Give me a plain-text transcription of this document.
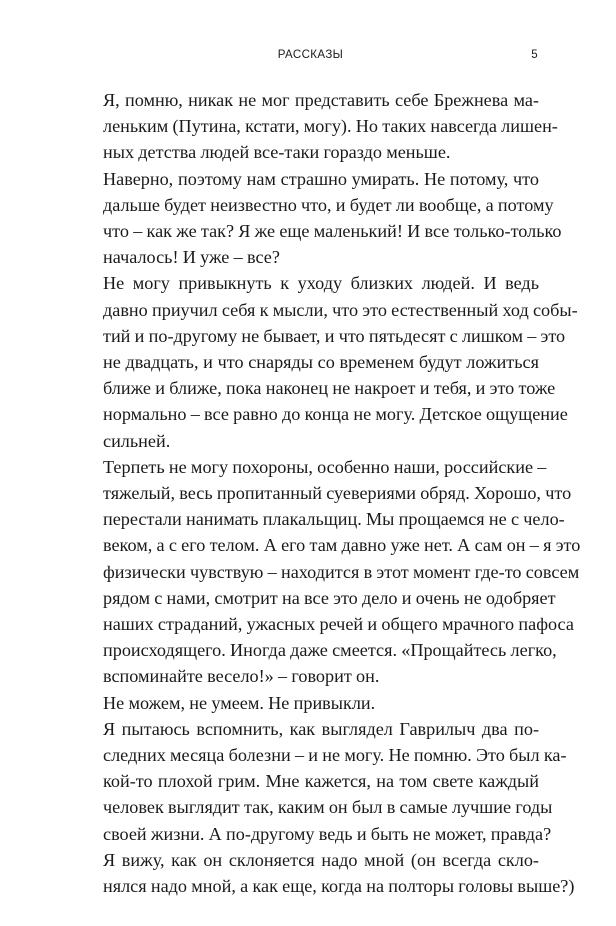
РАССКАЗЫ	5

Я, помню, никак не мог представить себе Брежнева ма-
леньким (Путина, кстати, могу). Но таких навсегда лишен-
ных детства людей все-таки гораздо меньше.

Наверно, поэтому нам страшно умирать. Не потому, что
дальше будет неизвестно что, и будет ли вообще, а потому
что – как же так? Я же еще маленький! И все только-только
началось! И уже – все?

Не могу привыкнуть к уходу близких людей. И ведь
давно приучил себя к мысли, что это естественный ход собы-
тий и по-другому не бывает, и что пятьдесят с лишком – это
не двадцать, и что снаряды со временем будут ложиться
ближе и ближе, пока наконец не накроет и тебя, и это тоже
нормально – все равно до конца не могу. Детское ощущение
сильней.

Терпеть не могу похороны, особенно наши, российские –
тяжелый, весь пропитанный суевериями обряд. Хорошо, что
перестали нанимать плакальщиц. Мы прощаемся не с чело-
веком, а с его телом. А его там давно уже нет. А сам он – я это
физически чувствую – находится в этот момент где-то совсем
рядом с нами, смотрит на все это дело и очень не одобряет
наших страданий, ужасных речей и общего мрачного пафоса
происходящего. Иногда даже смеется. «Прощайтесь легко,
вспоминайте весело!» – говорит он.

Не можем, не умеем. Не привыкли.

Я пытаюсь вспомнить, как выглядел Гаврилыч два по-
следних месяца болезни – и не могу. Не помню. Это был ка-
кой-то плохой грим. Мне кажется, на том свете каждый
человек выглядит так, каким он был в самые лучшие годы
своей жизни. А по-другому ведь и быть не может, правда?

Я вижу, как он склоняется надо мной (он всегда скло-
нялся надо мной, а как еще, когда на полторы головы выше?)
